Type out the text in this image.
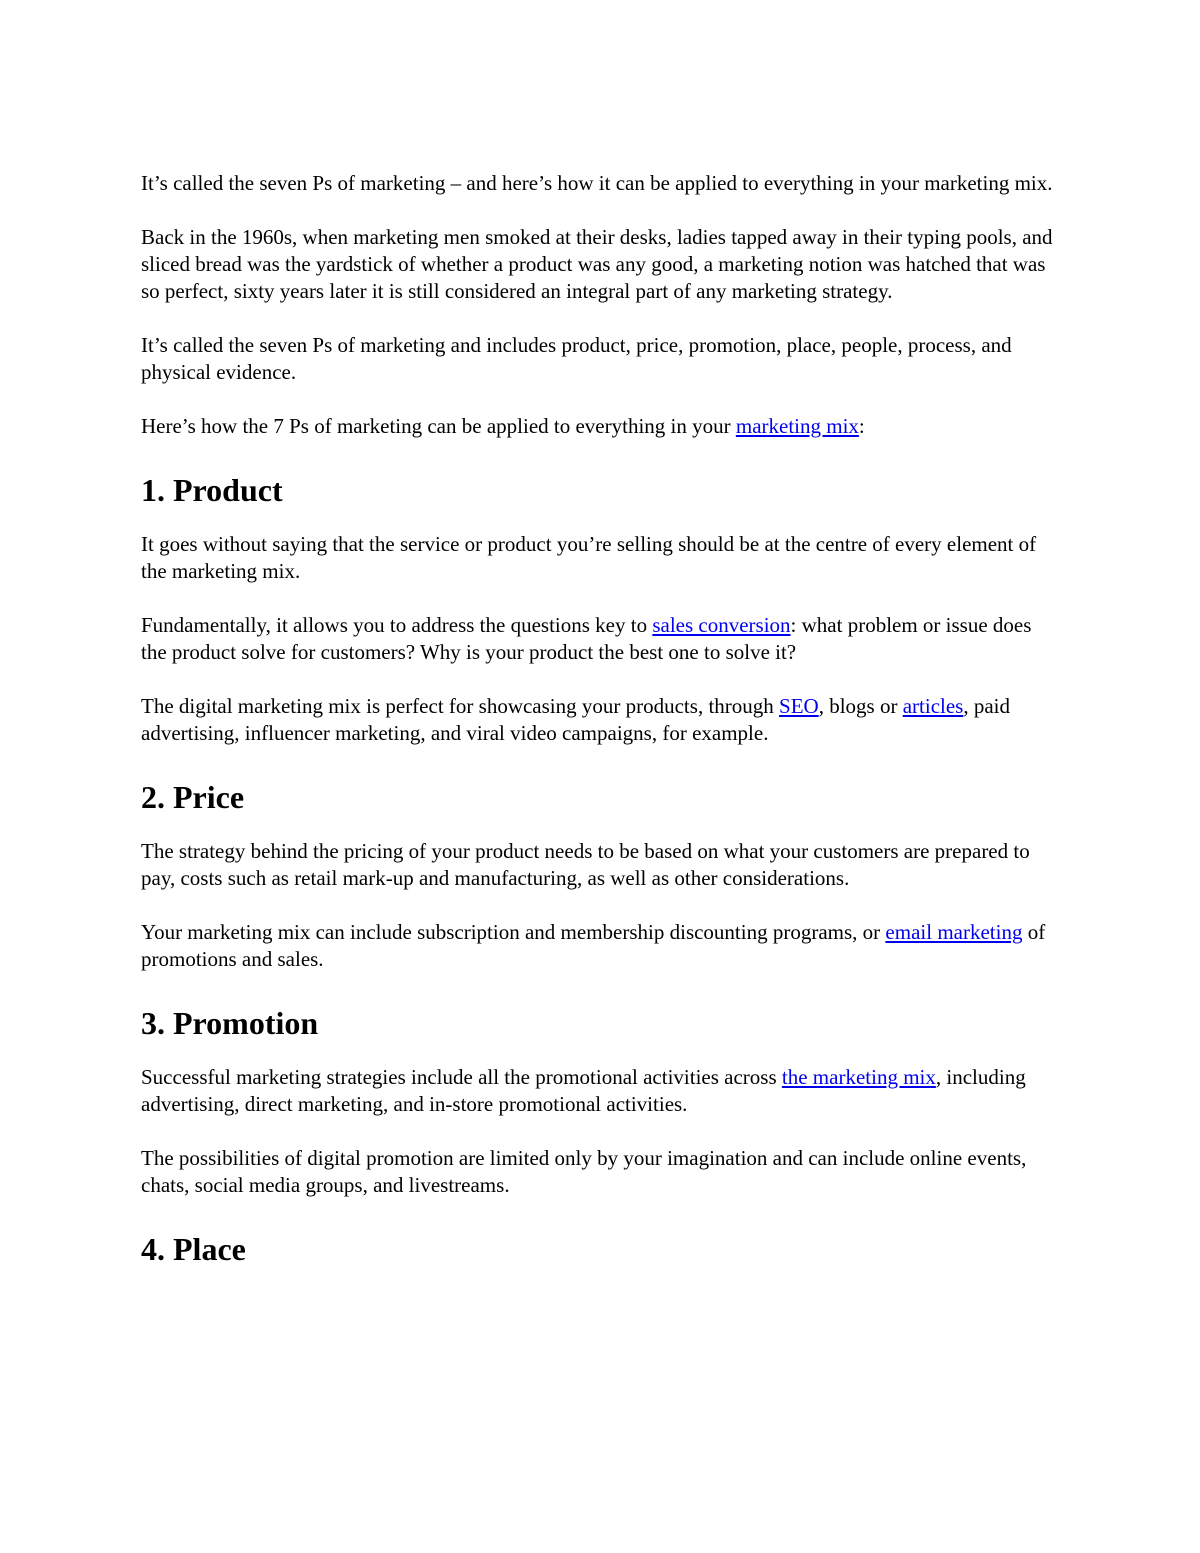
It’s called the seven Ps of marketing – and here’s how it can be applied to everything in your marketing mix.

Back in the 1960s, when marketing men smoked at their desks, ladies tapped away in their typing pools, and sliced bread was the yardstick of whether a product was any good, a marketing notion was hatched that was so perfect, sixty years later it is still considered an integral part of any marketing strategy.

It’s called the seven Ps of marketing and includes product, price, promotion, place, people, process, and physical evidence.

Here’s how the 7 Ps of marketing can be applied to everything in your marketing mix:

1. Product

It goes without saying that the service or product you’re selling should be at the centre of every element of the marketing mix.

Fundamentally, it allows you to address the questions key to sales conversion: what problem or issue does the product solve for customers? Why is your product the best one to solve it?

The digital marketing mix is perfect for showcasing your products, through SEO, blogs or articles, paid advertising, influencer marketing, and viral video campaigns, for example.

2. Price

The strategy behind the pricing of your product needs to be based on what your customers are prepared to pay, costs such as retail mark-up and manufacturing, as well as other considerations.

Your marketing mix can include subscription and membership discounting programs, or email marketing of promotions and sales.

3. Promotion

Successful marketing strategies include all the promotional activities across the marketing mix, including advertising, direct marketing, and in-store promotional activities.

The possibilities of digital promotion are limited only by your imagination and can include online events, chats, social media groups, and livestreams.

4. Place
